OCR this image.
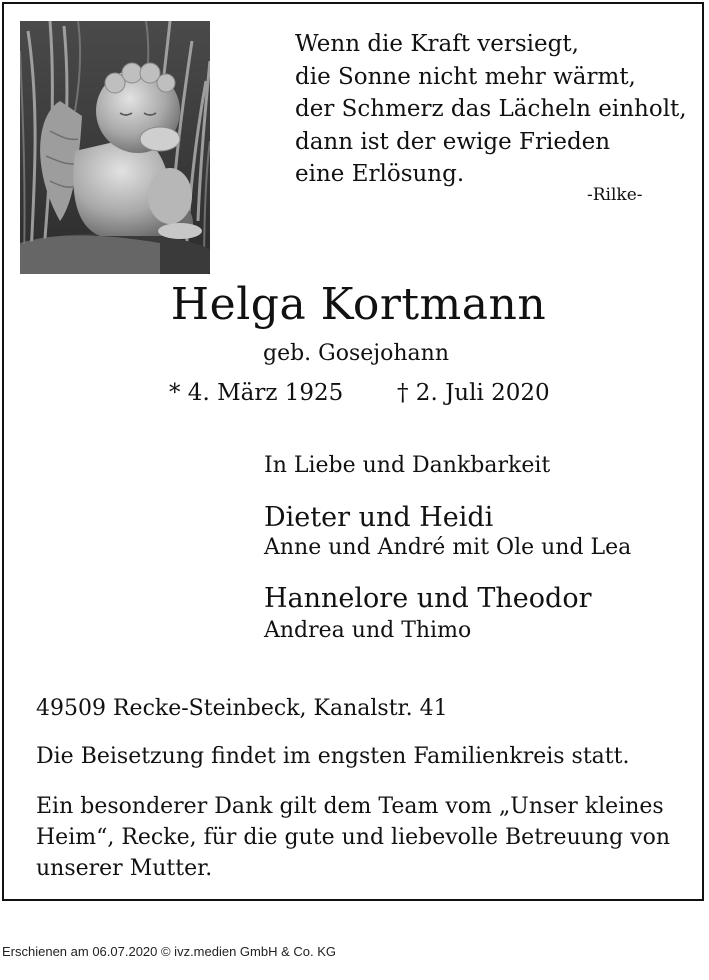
Wenn die Kraft versiegt,
die Sonne nicht mehr wärmt,
der Schmerz das Lächeln einholt,
dann ist der ewige Frieden
eine Erlösung.
-Rilke-
Helga Kortmann
geb. Gosejohann
* 4. März 1925 † 2. Juli 2020
In Liebe und Dankbarkeit
Dieter und Heidi
Anne und André mit Ole und Lea
Hannelore und Theodor
Andrea und Thimo
49509 Recke-Steinbeck, Kanalstr. 41
Die Beisetzung findet im engsten Familienkreis statt.
Ein besonderer Dank gilt dem Team vom „Unser kleines
Heim“, Recke, für die gute und liebevolle Betreuung von
unserer Mutter.
Erschienen am 06.07.2020 © ivz.medien GmbH & Co. KG
